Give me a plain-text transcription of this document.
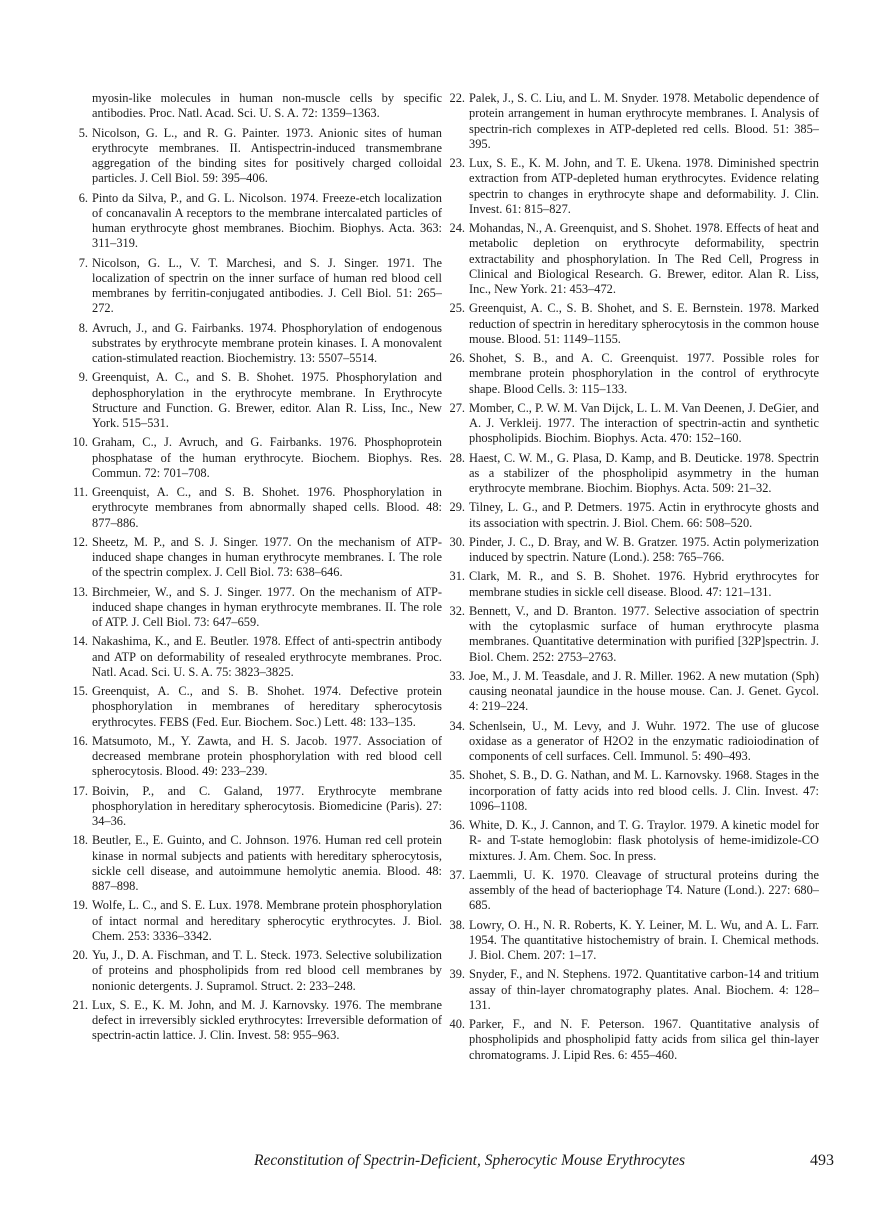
myosin-like molecules in human non-muscle cells by specific antibodies. Proc. Natl. Acad. Sci. U. S. A. 72: 1359–1363.

5. Nicolson, G. L., and R. G. Painter. 1973. Anionic sites of human erythrocyte membranes. II. Antispectrin-induced transmembrane aggregation of the binding sites for positively charged colloidal particles. J. Cell Biol. 59: 395–406.

6. Pinto da Silva, P., and G. L. Nicolson. 1974. Freeze-etch localization of concanavalin A receptors to the membrane intercalated particles of human erythrocyte ghost membranes. Biochim. Biophys. Acta. 363: 311–319.

7. Nicolson, G. L., V. T. Marchesi, and S. J. Singer. 1971. The localization of spectrin on the inner surface of human red blood cell membranes by ferritin-conjugated antibodies. J. Cell Biol. 51: 265–272.

8. Avruch, J., and G. Fairbanks. 1974. Phosphorylation of endogenous substrates by erythrocyte membrane protein kinases. I. A monovalent cation-stimulated reaction. Biochemistry. 13: 5507–5514.

9. Greenquist, A. C., and S. B. Shohet. 1975. Phosphorylation and dephosphorylation in the erythrocyte membrane. In Erythrocyte Structure and Function. G. Brewer, editor. Alan R. Liss, Inc., New York. 515–531.

10. Graham, C., J. Avruch, and G. Fairbanks. 1976. Phosphoprotein phosphatase of the human erythrocyte. Biochem. Biophys. Res. Commun. 72: 701–708.

11. Greenquist, A. C., and S. B. Shohet. 1976. Phosphorylation in erythrocyte membranes from abnormally shaped cells. Blood. 48: 877–886.

12. Sheetz, M. P., and S. J. Singer. 1977. On the mechanism of ATP-induced shape changes in human erythrocyte membranes. I. The role of the spectrin complex. J. Cell Biol. 73: 638–646.

13. Birchmeier, W., and S. J. Singer. 1977. On the mechanism of ATP-induced shape changes in hyman erythrocyte membranes. II. The role of ATP. J. Cell Biol. 73: 647–659.

14. Nakashima, K., and E. Beutler. 1978. Effect of anti-spectrin antibody and ATP on deformability of resealed erythrocyte membranes. Proc. Natl. Acad. Sci. U. S. A. 75: 3823–3825.

15. Greenquist, A. C., and S. B. Shohet. 1974. Defective protein phosphorylation in membranes of hereditary spherocytosis erythrocytes. FEBS (Fed. Eur. Biochem. Soc.) Lett. 48: 133–135.

16. Matsumoto, M., Y. Zawta, and H. S. Jacob. 1977. Association of decreased membrane protein phosphorylation with red blood cell spherocytosis. Blood. 49: 233–239.

17. Boivin, P., and C. Galand, 1977. Erythrocyte membrane phosphorylation in hereditary spherocytosis. Biomedicine (Paris). 27: 34–36.

18. Beutler, E., E. Guinto, and C. Johnson. 1976. Human red cell protein kinase in normal subjects and patients with hereditary spherocytosis, sickle cell disease, and autoimmune hemolytic anemia. Blood. 48: 887–898.

19. Wolfe, L. C., and S. E. Lux. 1978. Membrane protein phosphorylation of intact normal and hereditary spherocytic erythrocytes. J. Biol. Chem. 253: 3336–3342.

20. Yu, J., D. A. Fischman, and T. L. Steck. 1973. Selective solubilization of proteins and phospholipids from red blood cell membranes by nonionic detergents. J. Supramol. Struct. 2: 233–248.

21. Lux, S. E., K. M. John, and M. J. Karnovsky. 1976. The membrane defect in irreversibly sickled erythrocytes: Irreversible deformation of spectrin-actin lattice. J. Clin. Invest. 58: 955–963.

22. Palek, J., S. C. Liu, and L. M. Snyder. 1978. Metabolic dependence of protein arrangement in human erythrocyte membranes. I. Analysis of spectrin-rich complexes in ATP-depleted red cells. Blood. 51: 385–395.

23. Lux, S. E., K. M. John, and T. E. Ukena. 1978. Diminished spectrin extraction from ATP-depleted human erythrocytes. Evidence relating spectrin to changes in erythrocyte shape and deformability. J. Clin. Invest. 61: 815–827.

24. Mohandas, N., A. Greenquist, and S. Shohet. 1978. Effects of heat and metabolic depletion on erythrocyte deformability, spectrin extractability and phosphorylation. In The Red Cell, Progress in Clinical and Biological Research. G. Brewer, editor. Alan R. Liss, Inc., New York. 21: 453–472.

25. Greenquist, A. C., S. B. Shohet, and S. E. Bernstein. 1978. Marked reduction of spectrin in hereditary spherocytosis in the common house mouse. Blood. 51: 1149–1155.

26. Shohet, S. B., and A. C. Greenquist. 1977. Possible roles for membrane protein phosphorylation in the control of erythrocyte shape. Blood Cells. 3: 115–133.

27. Momber, C., P. W. M. Van Dijck, L. L. M. Van Deenen, J. DeGier, and A. J. Verkleij. 1977. The interaction of spectrin-actin and synthetic phospholipids. Biochim. Biophys. Acta. 470: 152–160.

28. Haest, C. W. M., G. Plasa, D. Kamp, and B. Deuticke. 1978. Spectrin as a stabilizer of the phospholipid asymmetry in the human erythrocyte membrane. Biochim. Biophys. Acta. 509: 21–32.

29. Tilney, L. G., and P. Detmers. 1975. Actin in erythrocyte ghosts and its association with spectrin. J. Biol. Chem. 66: 508–520.

30. Pinder, J. C., D. Bray, and W. B. Gratzer. 1975. Actin polymerization induced by spectrin. Nature (Lond.). 258: 765–766.

31. Clark, M. R., and S. B. Shohet. 1976. Hybrid erythrocytes for membrane studies in sickle cell disease. Blood. 47: 121–131.

32. Bennett, V., and D. Branton. 1977. Selective association of spectrin with the cytoplasmic surface of human erythrocyte plasma membranes. Quantitative determination with purified [32P]spectrin. J. Biol. Chem. 252: 2753–2763.

33. Joe, M., J. M. Teasdale, and J. R. Miller. 1962. A new mutation (Sph) causing neonatal jaundice in the house mouse. Can. J. Genet. Gycol. 4: 219–224.

34. Schenlsein, U., M. Levy, and J. Wuhr. 1972. The use of glucose oxidase as a generator of H2O2 in the enzymatic radioiodination of components of cell surfaces. Cell. Immunol. 5: 490–493.

35. Shohet, S. B., D. G. Nathan, and M. L. Karnovsky. 1968. Stages in the incorporation of fatty acids into red blood cells. J. Clin. Invest. 47: 1096–1108.

36. White, D. K., J. Cannon, and T. G. Traylor. 1979. A kinetic model for R- and T-state hemoglobin: flask photolysis of heme-imidizole-CO mixtures. J. Am. Chem. Soc. In press.

37. Laemmli, U. K. 1970. Cleavage of structural proteins during the assembly of the head of bacteriophage T4. Nature (Lond.). 227: 680–685.

38. Lowry, O. H., N. R. Roberts, K. Y. Leiner, M. L. Wu, and A. L. Farr. 1954. The quantitative histochemistry of brain. I. Chemical methods. J. Biol. Chem. 207: 1–17.

39. Snyder, F., and N. Stephens. 1972. Quantitative carbon-14 and tritium assay of thin-layer chromatography plates. Anal. Biochem. 4: 128–131.

40. Parker, F., and N. F. Peterson. 1967. Quantitative analysis of phospholipids and phospholipid fatty acids from silica gel thin-layer chromatograms. J. Lipid Res. 6: 455–460.

Reconstitution of Spectrin-Deficient, Spherocytic Mouse Erythrocytes	493
